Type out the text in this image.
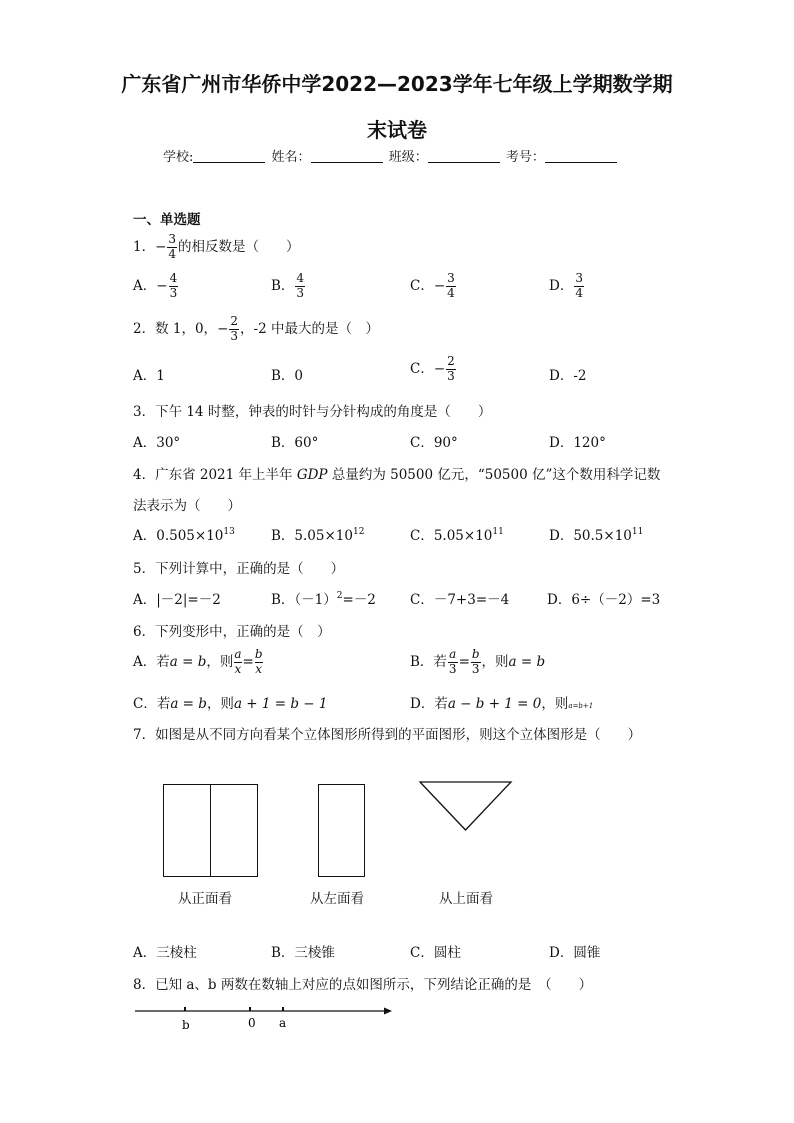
广东省广州市华侨中学2022—2023学年七年级上学期数学期
末试卷
学校:	姓名：	班级：	考号：
一、单选题
1．− $\frac{3}{4}$ 的相反数是（　　）
A．− $\frac{4}{3}$	B． $\frac{4}{3}$	C．− $\frac{3}{4}$	D． $\frac{3}{4}$
2．数 1，0，− $\frac{2}{3}$ ，-2 中最大的是（　）
A．1	B．0	C．− $\frac{2}{3}$	D．-2
3．下午 14 时整，钟表的时针与分针构成的角度是（　　）
A．30°	B．60°	C．90°	D．120°
4．广东省 2021 年上半年 GDP 总量约为 50500 亿元，“50500 亿”这个数用科学记数
法表示为（　　）
A．$0.505\times 10^{13}$	B．$5.05\times 10^{12}$	C．$5.05\times 10^{11}$	D．$50.5\times 10^{11}$
5．下列计算中，正确的是（　　）
A．|－2|=－2	B．$(-1)^2=-2$	C．－7+3=－4	D．6÷（－2）=3
6．下列变形中，正确的是（　）
A．若a = b，则 $\frac{a}{x} = \frac{b}{x}$	B．若 $\frac{a}{3} = \frac{b}{3}$ ，则a = b
C．若a = b，则a + 1 = b − 1	D．若a − b + 1 = 0，则a=b+1
7．如图是从不同方向看某个立体图形所得到的平面图形，则这个立体图形是（　　）
从正面看	从左面看	从上面看
A．三棱柱	B．三棱锥	C．圆柱	D．圆锥
8．已知 a、b 两数在数轴上对应的点如图所示，下列结论正确的是　（　　）
b	0 a
